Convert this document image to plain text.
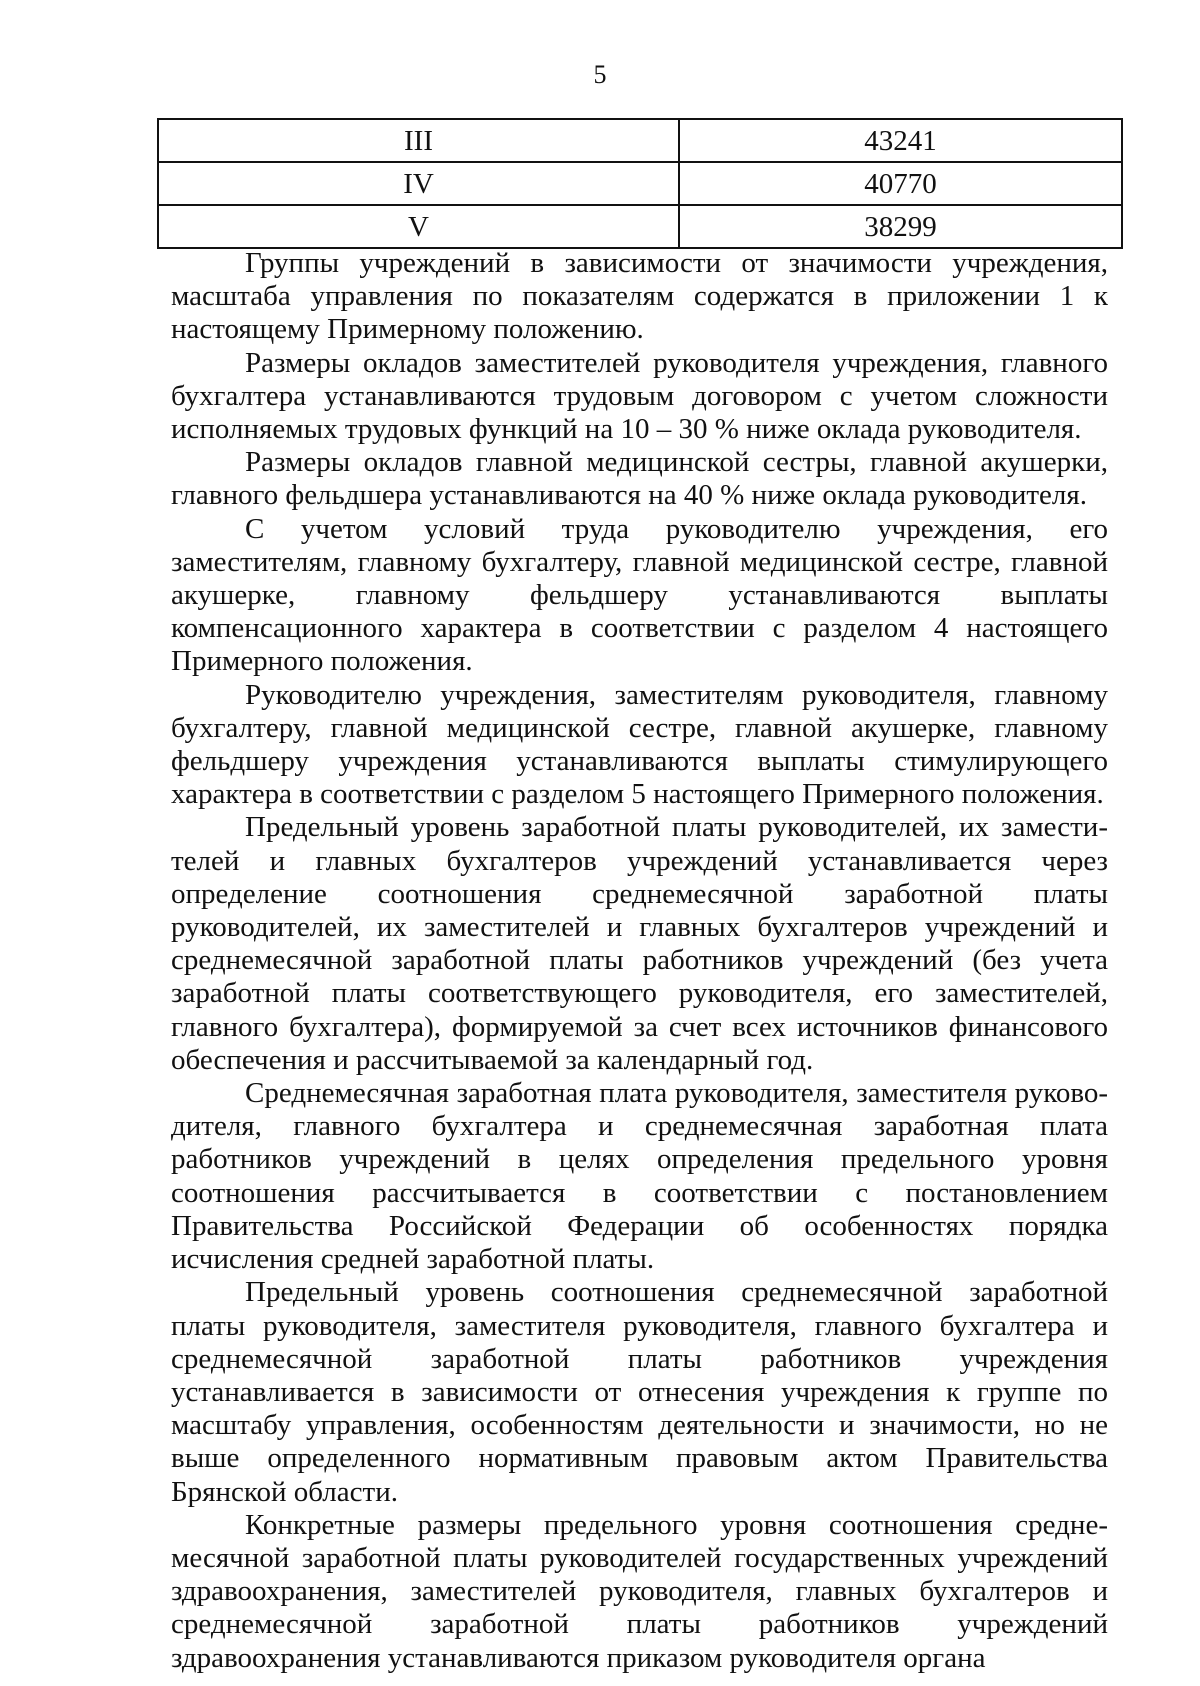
5
III	43241
IV	40770
V	38299

Группы учреждений в зависимости от значимости учреждения, масштаба управления по показателям содержатся в приложении 1 к настоящему Примерному положению.

Размеры окладов заместителей руководителя учреждения, главного бухгалтера устанавливаются трудовым договором с учетом сложности исполняемых трудовых функций на 10 – 30 % ниже оклада руководителя.

Размеры окладов главной медицинской сестры, главной акушерки, главного фельдшера устанавливаются на 40 % ниже оклада руководителя.

С учетом условий труда руководителю учреждения, его заместителям, главному бухгалтеру, главной медицинской сестре, главной акушерке, главному фельдшеру устанавливаются выплаты компенсационного характера в соответствии с разделом 4 настоящего Примерного положения.

Руководителю учреждения, заместителям руководителя, главному бухгалтеру, главной медицинской сестре, главной акушерке, главному фельдшеру учреждения устанавливаются выплаты стимулирующего характера в соответствии с разделом 5 настоящего Примерного положения.

Предельный уровень заработной платы руководителей, их заместителей и главных бухгалтеров учреждений устанавливается через определение соотношения среднемесячной заработной платы руководителей, их заместителей и главных бухгалтеров учреждений и среднемесячной заработной платы работников учреждений (без учета заработной платы соответствующего руководителя, его заместителей, главного бухгалтера), формируемой за счет всех источников финансового обеспечения и рассчитываемой за календарный год.

Среднемесячная заработная плата руководителя, заместителя руководителя, главного бухгалтера и среднемесячная заработная плата работников учреждений в целях определения предельного уровня соотношения рассчитывается в соответствии с постановлением Правительства Российской Федерации об особенностях порядка исчисления средней заработной платы.

Предельный уровень соотношения среднемесячной заработной платы руководителя, заместителя руководителя, главного бухгалтера и среднемесячной заработной платы работников учреждения устанавливается в зависимости от отнесения учреждения к группе по масштабу управления, особенностям деятельности и значимости, но не выше определенного нормативным правовым актом Правительства Брянской области.

Конкретные размеры предельного уровня соотношения среднемесячной заработной платы руководителей государственных учреждений здравоохранения, заместителей руководителя, главных бухгалтеров и среднемесячной заработной платы работников учреждений здравоохранения устанавливаются приказом руководителя органа
